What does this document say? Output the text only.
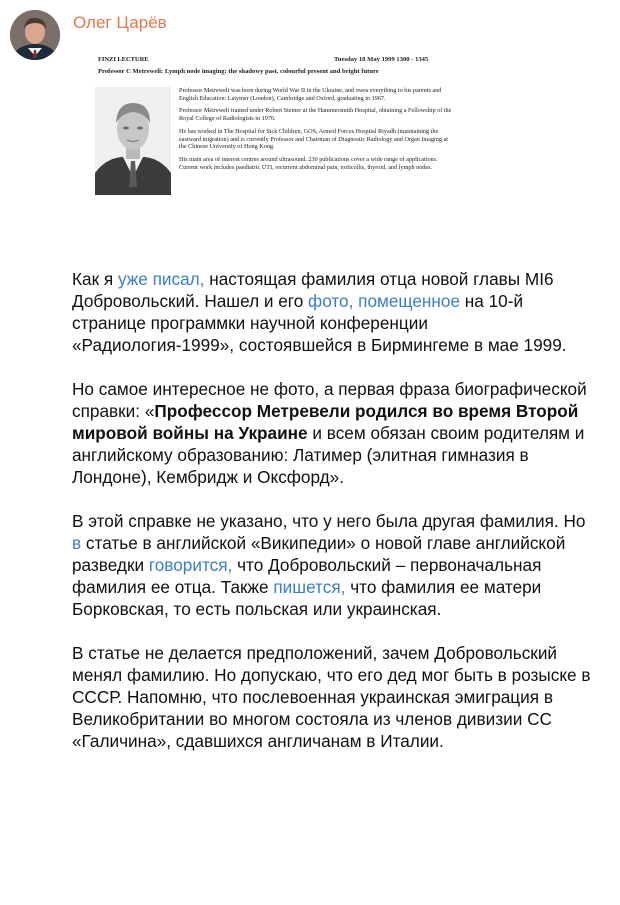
Олег Царёв
FINZI LECTURE	Tuesday 18 May 1999 1300 - 1345
Professor C Metreweli: Lymph node imaging: the shadowy past, colourful present and bright future

Professor Metreweli was born during World War II in the Ukraine, and owes everything to his parents and English Education: Latymer (London), Cambridge and Oxford, graduating in 1967.

Professor Metreweli trained under Robert Steiner at the Hammersmith Hospital, obtaining a Fellowship of the Royal College of Radiologists in 1976.

He has worked in The Hospital for Sick Children, GOS, Armed Forces Hospital Riyadh (maintaining the eastward migration) and is currently Professor and Chairman of Diagnostic Radiology and Organ Imaging at the Chinese University of Hong Kong.

His main area of interest centres around ultrasound. 230 publications cover a wide range of applications. Current work includes paediatric UTI, recurrent abdominal pain, torticollis, thyroid, and lymph nodes.

Как я уже писал, настоящая фамилия отца новой главы MI6 Добровольский. Нашел и его фото, помещенное на 10-й странице программки научной конференции «Радиология-1999», состоявшейся в Бирмингеме в мае 1999.

Но самое интересное не фото, а первая фраза биографической справки: «Профессор Метревели родился во время Второй мировой войны на Украине и всем обязан своим родителям и английскому образованию: Латимер (элитная гимназия в Лондоне), Кембридж и Оксфорд».

В этой справке не указано, что у него была другая фамилия. Но в статье в английской «Википедии» о новой главе английской разведки говорится, что Добровольский – первоначальная фамилия ее отца. Также пишется, что фамилия ее матери Борковская, то есть польская или украинская.

В статье не делается предположений, зачем Добровольский менял фамилию. Но допускаю, что его дед мог быть в розыске в СССР. Напомню, что послевоенная украинская эмиграция в Великобритании во многом состояла из членов дивизии СС «Галичина», сдавшихся англичанам в Италии.
